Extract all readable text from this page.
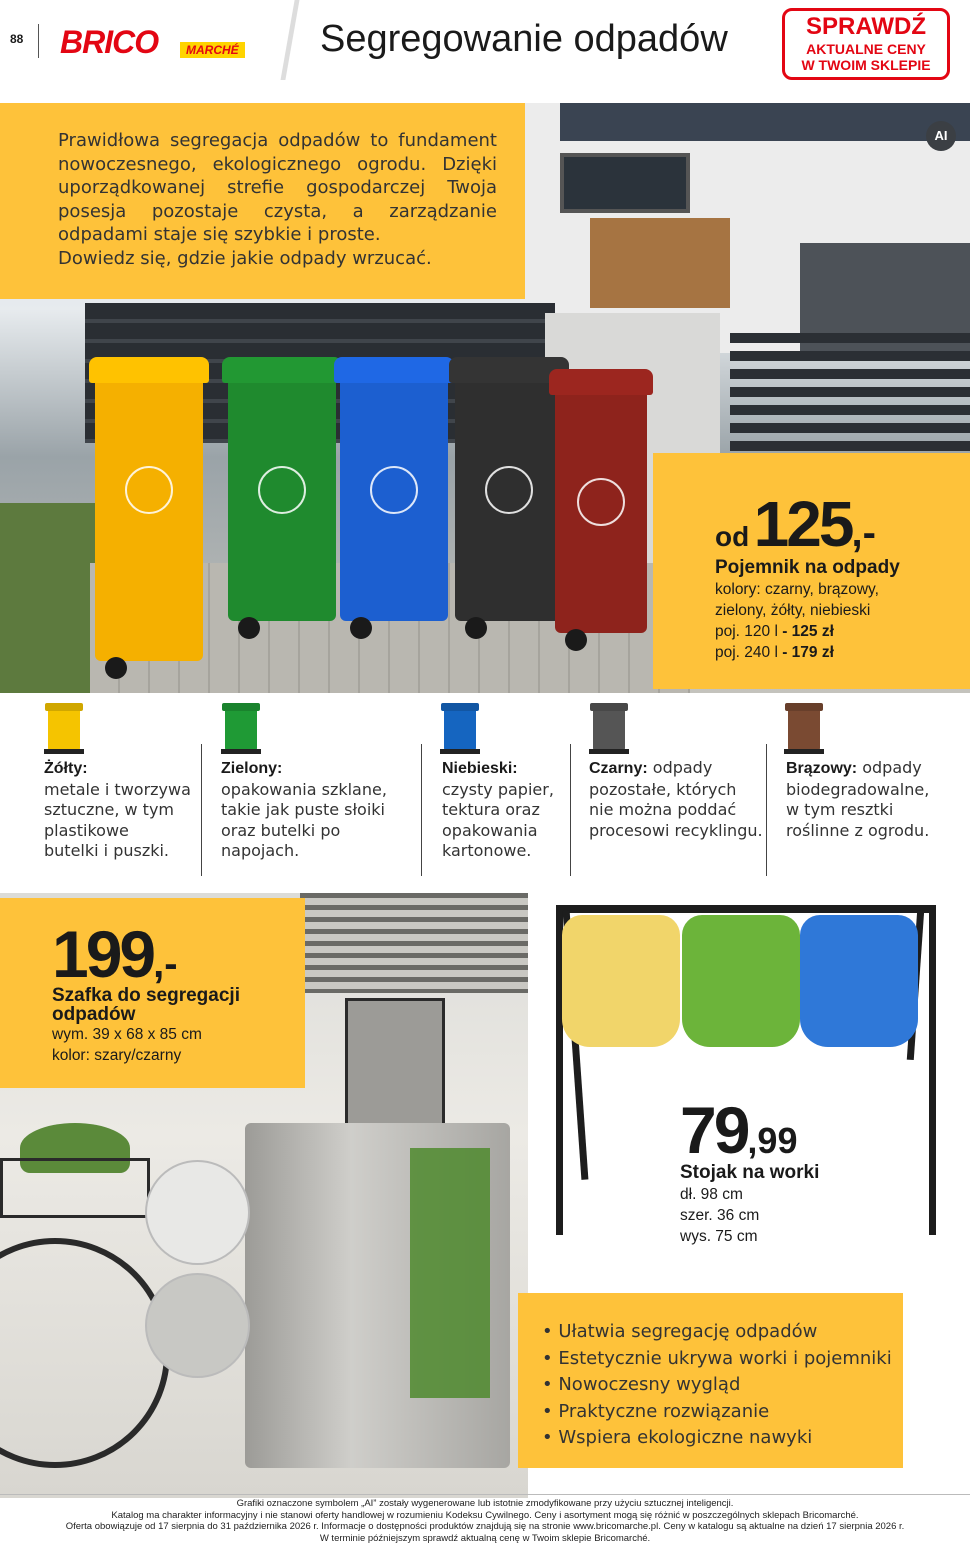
88 BRICO	MARCHÉ Segregowanie odpadów	SPRAWDŹ
AKTUALNE CENY
W TWOIM SKLEPIE
AI

Prawidłowa segregacja odpadów to fundament nowoczesnego, ekologicznego ogrodu. Dzięki uporządkowanej strefie gospodarczej Twoja posesja pozostaje czysta, a zarządzanie odpadami staje się szybkie i proste.

Dowiedz się, gdzie jakie odpady wrzucać.

od 125,-
Pojemnik na odpady
kolory: czarny, brązowy,
zielony, żółty, niebieski
poj. 120 l - 125 zł
poj. 240 l - 179 zł
Żółty:
metale i tworzywa
sztuczne, w tym
plastikowe
butelki i puszki.
Zielony:
opakowania szklane,
takie jak puste słoiki
oraz butelki po napojach.
Niebieski:
czysty papier,
tektura oraz
opakowania
kartonowe.
Czarny: odpady
pozostałe, których
nie można poddać
procesowi recyklingu.
Brązowy: odpady
biodegradowalne,
w tym resztki
roślinne z ogrodu.
199,-
Szafka do segregacji odpadów
wym. 39 x 68 x 85 cm
kolor: szary/czarny
79,99
Stojak na worki
dł. 98 cm
szer. 36 cm
wys. 75 cm
• Ułatwia segregację odpadów
• Estetycznie ukrywa worki i pojemniki
• Nowoczesny wygląd
• Praktyczne rozwiązanie
• Wspiera ekologiczne nawyki
Grafiki oznaczone symbolem „AI” zostały wygenerowane lub istotnie zmodyfikowane przy użyciu sztucznej inteligencji.
Katalog ma charakter informacyjny i nie stanowi oferty handlowej w rozumieniu Kodeksu Cywilnego. Ceny i asortyment mogą się różnić w poszczególnych sklepach Bricomarché.
Oferta obowiązuje od 17 sierpnia do 31 października 2026 r. Informacje o dostępności produktów znajdują się na stronie www.bricomarche.pl. Ceny w katalogu są aktualne na dzień 17 sierpnia 2026 r.
W terminie późniejszym sprawdź aktualną cenę w Twoim sklepie Bricomarché.
